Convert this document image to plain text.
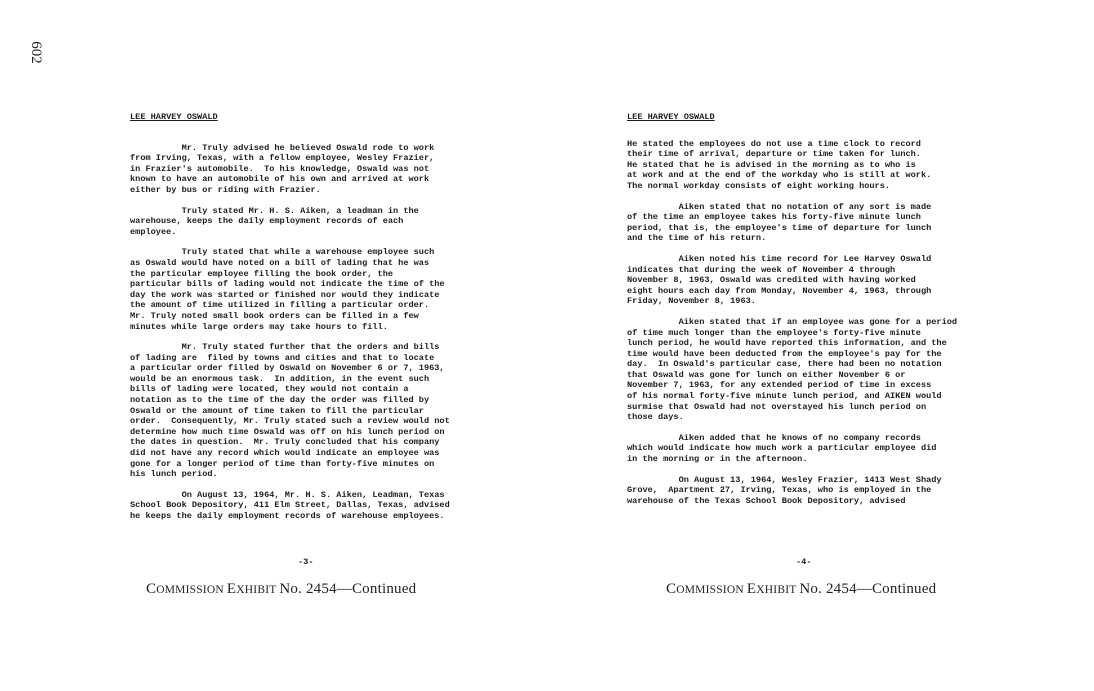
602
LEE HARVEY OSWALD
Mr. Truly advised he believed Oswald rode to work
from Irving, Texas, with a fellow employee, Wesley Frazier,
in Frazier's automobile.  To his knowledge, Oswald was not
known to have an automobile of his own and arrived at work
either by bus or riding with Frazier.
Truly stated Mr. H. S. Aiken, a leadman in the
warehouse, keeps the daily employment records of each
employee.
Truly stated that while a warehouse employee such
as Oswald would have noted on a bill of lading that he was
the particular employee filling the book order, the
particular bills of lading would not indicate the time of the
day the work was started or finished nor would they indicate
the amount of time utilized in filling a particular order.
Mr. Truly noted small book orders can be filled in a few
minutes while large orders may take hours to fill.
Mr. Truly stated further that the orders and bills
of lading are  filed by towns and cities and that to locate
a particular order filled by Oswald on November 6 or 7, 1963,
would be an enormous task.  In addition, in the event such
bills of lading were located, they would not contain a
notation as to the time of the day the order was filled by
Oswald or the amount of time taken to fill the particular
order.  Consequently, Mr. Truly stated such a review would not
determine how much time Oswald was off on his lunch period on
the dates in question.  Mr. Truly concluded that his company
did not have any record which would indicate an employee was
gone for a longer period of time than forty-five minutes on
his lunch period.
On August 13, 1964, Mr. H. S. Aiken, Leadman, Texas
School Book Depository, 411 Elm Street, Dallas, Texas, advised
he keeps the daily employment records of warehouse employees.
-3-
COMMISSION EXHIBIT No. 2454—Continued
LEE HARVEY OSWALD
He stated the employees do not use a time clock to record
their time of arrival, departure or time taken for lunch.
He stated that he is advised in the morning as to who is
at work and at the end of the workday who is still at work.
The normal workday consists of eight working hours.
Aiken stated that no notation of any sort is made
of the time an employee takes his forty-five minute lunch
period, that is, the employee's time of departure for lunch
and the time of his return.
Aiken noted his time record for Lee Harvey Oswald
indicates that during the week of November 4 through
November 8, 1963, Oswald was credited with having worked
eight hours each day from Monday, November 4, 1963, through
Friday, November 8, 1963.
Aiken stated that if an employee was gone for a period
of time much longer than the employee's forty-five minute
lunch period, he would have reported this information, and the
time would have been deducted from the employee's pay for the
day.  In Oswald's particular case, there had been no notation
that Oswald was gone for lunch on either November 6 or
November 7, 1963, for any extended period of time in excess
of his normal forty-five minute lunch period, and AIKEN would
surmise that Oswald had not overstayed his lunch period on
those days.
Aiken added that he knows of no company records
which would indicate how much work a particular employee did
in the morning or in the afternoon.
On August 13, 1964, Wesley Frazier, 1413 West Shady
Grove,  Apartment 27, Irving, Texas, who is employed in the
warehouse of the Texas School Book Depository, advised
-4-
COMMISSION EXHIBIT No. 2454—Continued
